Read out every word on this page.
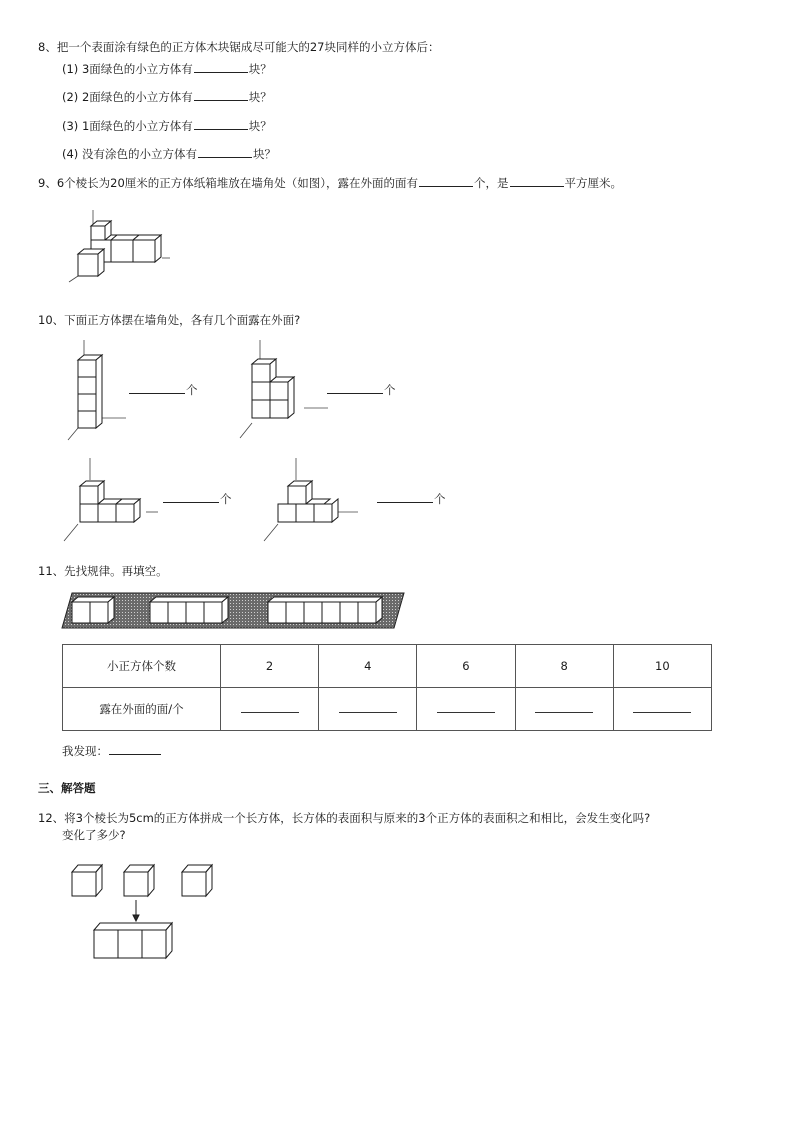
8、把一个表面涂有绿色的正方体木块锯成尽可能大的27块同样的小立方体后：
(1) 3面绿色的小立方体有	块？
(2) 2面绿色的小立方体有	块？
(3) 1面绿色的小立方体有	块？
(4) 没有涂色的小立方体有	块？
9、6个棱长为20厘米的正方体纸箱堆放在墙角处（如图），露在外面的面有	个，是	平方厘米。
10、下面正方体摆在墙角处，各有几个面露在外面?
个	个
个	个
11、先找规律。再填空。
小正方体个数	2	4	6	8	10
露在外面的面/个					
我发现：
三、解答题
12、将3个棱长为5cm的正方体拼成一个长方体，长方体的表面积与原来的3个正方体的表面积之和相比，会发生变化吗?
变化了多少?
